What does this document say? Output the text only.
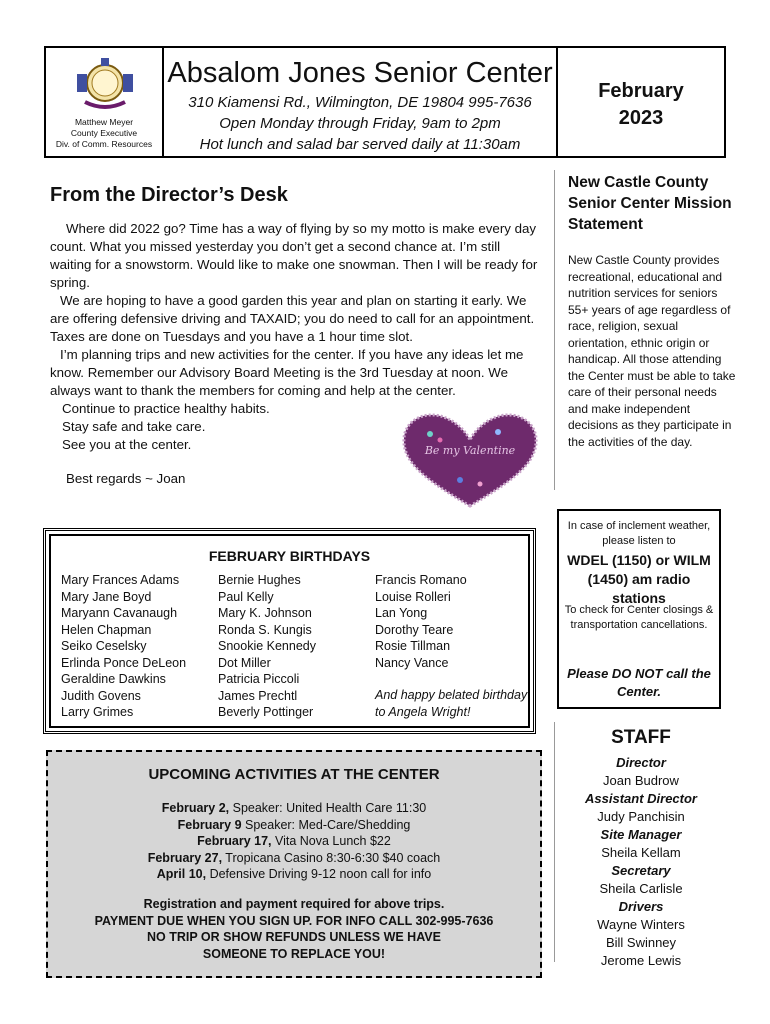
Matthew Meyer
County Executive
Div. of Comm. Resources
Absalom Jones Senior Center
310 Kiamensi Rd., Wilmington, DE 19804 995-7636
Open Monday through Friday, 9am to 2pm
Hot lunch and salad bar served daily at 11:30am
February
2023
From the Director’s Desk

Where did 2022 go? Time has a way of flying by so my motto is make every day count. What you missed yesterday you don’t get a second chance at. I’m still waiting for a snowstorm. Would like to make one snowman. Then I will be ready for spring.

We are hoping to have a good garden this year and plan on starting it early. We are offering defensive driving and TAXAID; you do need to call for an appointment. Taxes are done on Tuesdays and you have a 1 hour time slot.

I’m planning trips and new activities for the center. If you have any ideas let me know. Remember our Advisory Board Meeting is the 3rd Tuesday at noon. We always want to thank the members for coming and help at the center.

Continue to practice healthy habits.

Stay safe and take care.

See you at the center.

Best regards ~ Joan

Be my Valentine
New Castle County Senior Center Mission Statement
New Castle County provides recreational, educational and nutrition services for seniors 55+ years of age regardless of race, religion, sexual orientation, ethnic origin or handicap. All those attending the Center must be able to take care of their personal needs and make independent decisions as they participate in the activities of the day.
FEBRUARY BIRTHDAYS
Mary Frances Adams
Mary Jane Boyd
Maryann Cavanaugh
Helen Chapman
Seiko Ceselsky
Erlinda Ponce DeLeon
Geraldine Dawkins
Judith Govens
Larry Grimes
Bernie Hughes
Paul Kelly
Mary K. Johnson
Ronda S. Kungis
Snookie Kennedy
Dot Miller
Patricia Piccoli
James Prechtl
Beverly Pottinger
Francis Romano
Louise Rolleri
Lan Yong
Dorothy Teare
Rosie Tillman
Nancy Vance
And happy belated birthday
to Angela Wright!
In case of inclement weather, please listen to
WDEL (1150) or WILM (1450) am radio stations
To check for Center closings & transportation cancellations.
Please DO NOT call the Center.
UPCOMING ACTIVITIES AT THE CENTER
February 2, Speaker: United Health Care 11:30
February 9 Speaker: Med-Care/Shedding
February 17, Vita Nova Lunch $22
February 27, Tropicana Casino 8:30-6:30 $40 coach
April 10, Defensive Driving 9-12 noon call for info
Registration and payment required for above trips.
PAYMENT DUE WHEN YOU SIGN UP. FOR INFO CALL 302-995-7636
NO TRIP OR SHOW REFUNDS UNLESS WE HAVE
SOMEONE TO REPLACE YOU!
STAFF
Director
Joan Budrow
Assistant Director
Judy Panchisin
Site Manager
Sheila Kellam
Secretary
Sheila Carlisle
Drivers
Wayne Winters
Bill Swinney
Jerome Lewis
